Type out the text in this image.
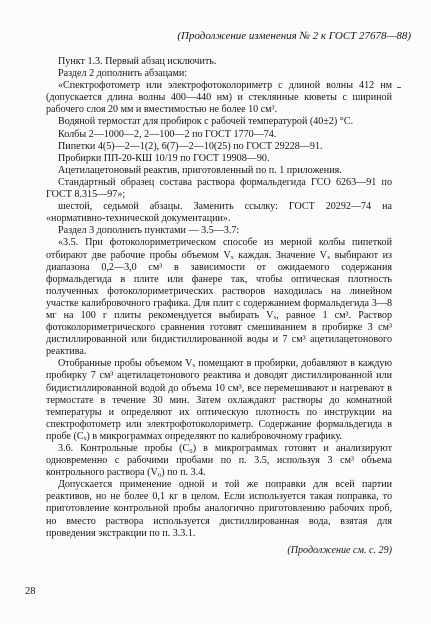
(Продолжение изменения № 2 к ГОСТ 27678—88)

Пункт 1.3. Первый абзац исключить.

Раздел 2 дополнить абзацами:

«Спектрофотометр или электрофотоколориметр с длиной волны 412 нм (допускается длина волны 400—440 нм) и стеклянные кюветы с шириной рабочего слоя 20 мм и вместимостью не более 10 см³.

Водяной термостат для пробирок с рабочей температурой (40±2) °С.

Колбы 2—1000—2, 2—100—2 по ГОСТ 1770—74.

Пипетки 4(5)—2—1(2), 6(7)—2—10(25) по ГОСТ 29228—91.

Пробирки ПП-20-КШ 10/19 по ГОСТ 19908—90.

Ацетилацетоновый реактив, приготовленный по п. 1 приложения.

Стандартный образец состава раствора формальдегида ГСО 6263—91 по ГОСТ 8.315—97»;

шестой, седьмой абзацы. Заменить ссылку: ГОСТ 20292—74 на «нормативно-технической документации».

Раздел 3 дополнить пунктами — 3.5—3.7:

«3.5. При фотоколориметрическом способе из мерной колбы пипеткой отбирают две рабочие пробы объемом Vₓ каждая. Значение Vₓ выбирают из диапазона 0,2—3,0 см³ в зависимости от ожидаемого содержания формальдегида в плите или фанере так, чтобы оптическая плотность полученных фотоколориметрических растворов находилась на линейном участке калибровочного графика. Для плит с содержанием формальдегида 3—8 мг на 100 г плиты рекомендуется выбирать Vₓ, равное 1 см³. Раствор фотоколориметрического сравнения готовят смешиванием в пробирке 3 см³ дистиллированной или бидистиллированной воды и 7 см³ ацетилацетонового реактива.

Отобранные пробы объемом Vₓ помещают в пробирки, добавляют в каждую пробирку 7 см³ ацетилацетонового реактива и доводят дистиллированной или бидистиллированной водой до объема 10 см³, все перемешивают и нагревают в термостате в течение 30 мин. Затем охлаждают растворы до комнатной температуры и определяют их оптическую плотность по инструкции на спектрофотометр или электрофотоколориметр. Содержание формальдегида в пробе (Cₓ) в микрограммах определяют по калибровочному графику.

3.6. Контрольные пробы (C₀) в микрограммах готовят и анализируют одновременно с рабочими пробами по п. 3.5, используя 3 см³ объема контрольного раствора (V₀) по п. 3.4.

Допускается применение одной и той же поправки для всей партии реактивов, но не более 0,1 кг в целом. Если используется такая поправка, то приготовление контрольной пробы аналогично приготовлению рабочих проб, но вместо раствора используется дистиллированная вода, взятая для проведения экстракции по п. 3.3.1.

(Продолжение см. с. 29)

28
